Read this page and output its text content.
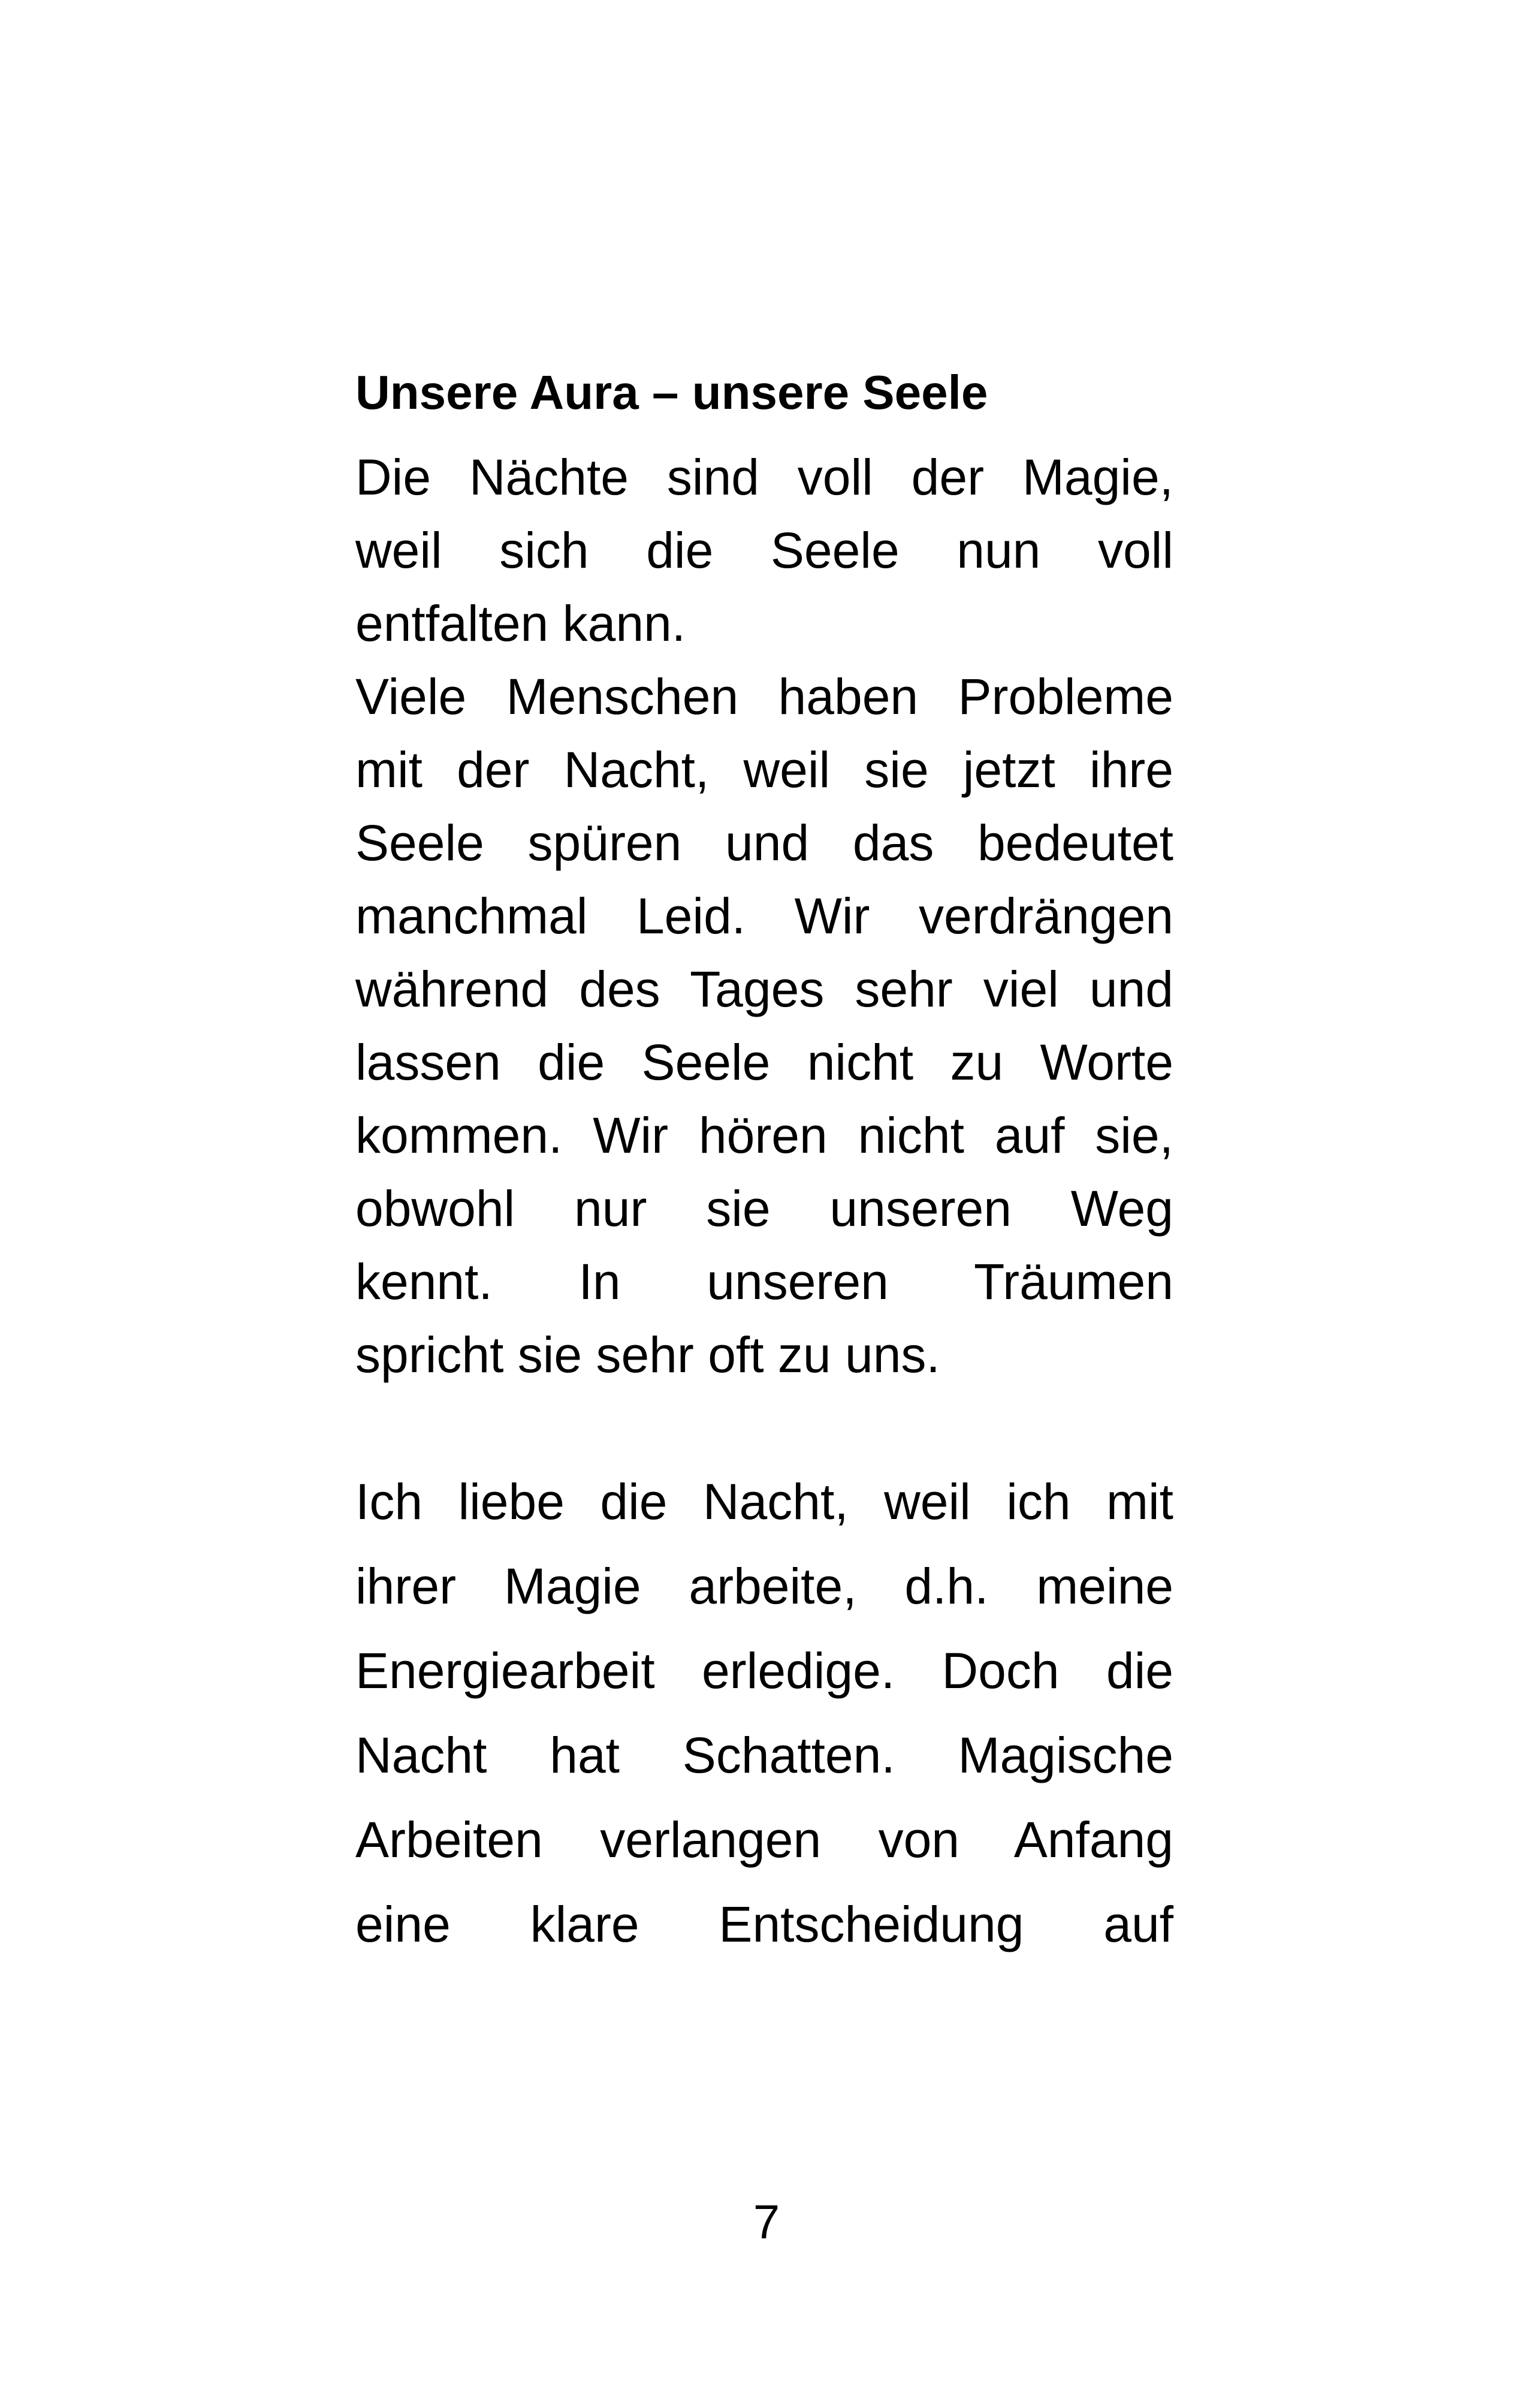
Unsere Aura – unsere Seele
Die Nächte sind voll der Magie,
weil sich die Seele nun voll
entfalten kann.
Viele Menschen haben Probleme
mit der Nacht, weil sie jetzt ihre
Seele spüren und das bedeutet
manchmal Leid. Wir verdrängen
während des Tages sehr viel und
lassen die Seele nicht zu Worte
kommen. Wir hören nicht auf sie,
obwohl nur sie unseren Weg
kennt. In unseren Träumen
spricht sie sehr oft zu uns.
Ich liebe die Nacht, weil ich mit
ihrer Magie arbeite, d.h. meine
Energiearbeit erledige. Doch die
Nacht hat Schatten. Magische
Arbeiten verlangen von Anfang
eine klare Entscheidung auf
7
